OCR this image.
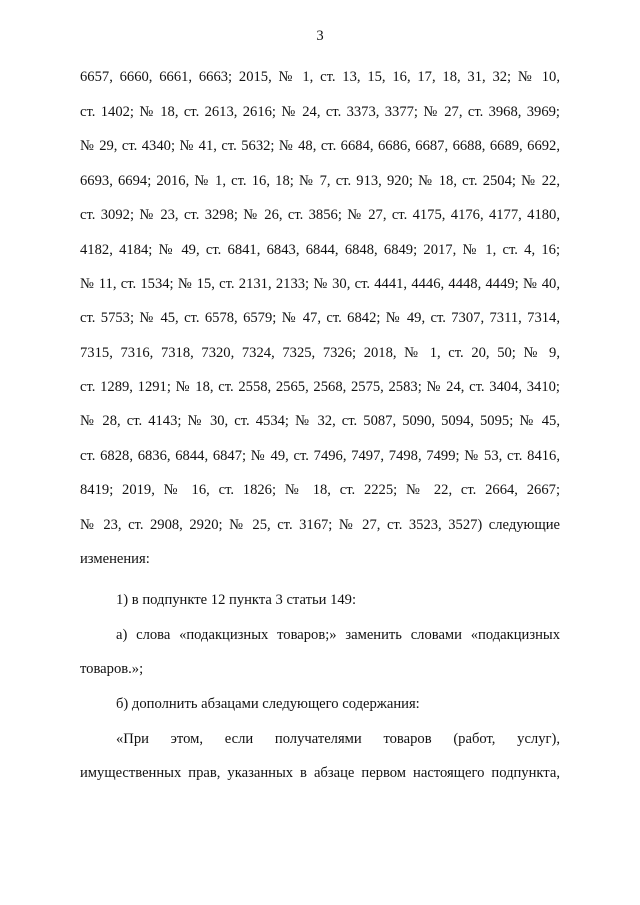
3
6657, 6660, 6661, 6663; 2015, № 1, ст. 13, 15, 16, 17, 18, 31, 32; № 10,
ст. 1402; № 18, ст. 2613, 2616; № 24, ст. 3373, 3377; № 27, ст. 3968, 3969;
№ 29, ст. 4340; № 41, ст. 5632; № 48, ст. 6684, 6686, 6687, 6688, 6689, 6692,
6693, 6694; 2016, № 1, ст. 16, 18; № 7, ст. 913, 920; № 18, ст. 2504; № 22,
ст. 3092; № 23, ст. 3298; № 26, ст. 3856; № 27, ст. 4175, 4176, 4177, 4180,
4182, 4184; № 49, ст. 6841, 6843, 6844, 6848, 6849; 2017, № 1, ст. 4, 16;
№ 11, ст. 1534; № 15, ст. 2131, 2133; № 30, ст. 4441, 4446, 4448, 4449; № 40,
ст. 5753; № 45, ст. 6578, 6579; № 47, ст. 6842; № 49, ст. 7307, 7311, 7314,
7315, 7316, 7318, 7320, 7324, 7325, 7326; 2018, № 1, ст. 20, 50; № 9,
ст. 1289, 1291; № 18, ст. 2558, 2565, 2568, 2575, 2583; № 24, ст. 3404, 3410;
№ 28, ст. 4143; № 30, ст. 4534; № 32, ст. 5087, 5090, 5094, 5095; № 45,
ст. 6828, 6836, 6844, 6847; № 49, ст. 7496, 7497, 7498, 7499; № 53, ст. 8416,
8419; 2019, № 16, ст. 1826; № 18, ст. 2225; № 22, ст. 2664, 2667;
№ 23, ст. 2908, 2920; № 25, ст. 3167; № 27, ст. 3523, 3527) следующие
изменения:
1) в подпункте 12 пункта 3 статьи 149:
а) слова «подакцизных товаров;» заменить словами «подакцизных
товаров.»;
б) дополнить абзацами следующего содержания:
«При этом, если получателями товаров (работ, услуг),
имущественных прав, указанных в абзаце первом настоящего подпункта,
